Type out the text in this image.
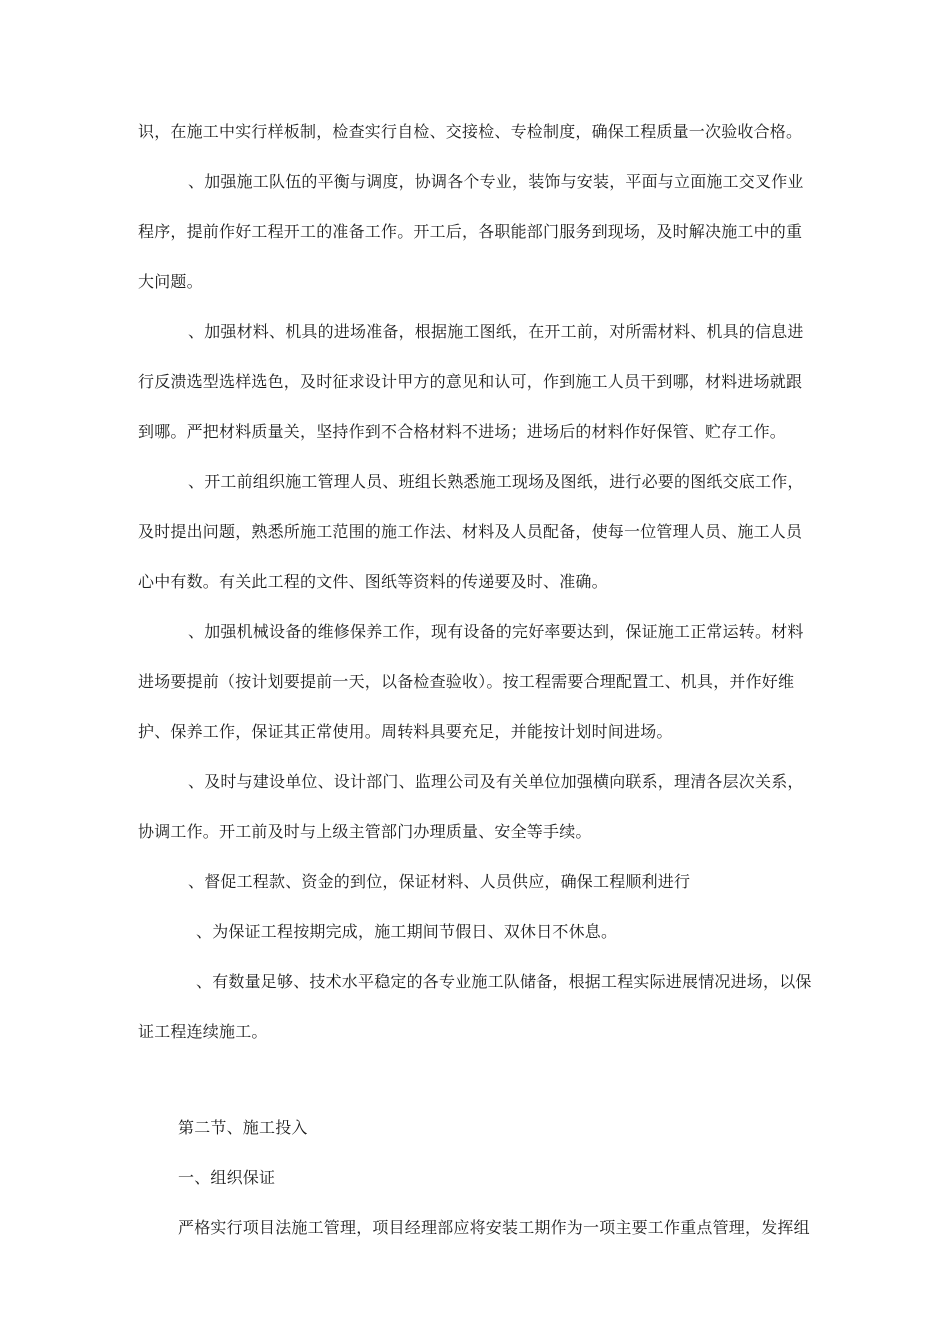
识，在施工中实行样板制，检查实行自检、交接检、专检制度，确保工程质量一次验收合格。
、加强施工队伍的平衡与调度，协调各个专业，装饰与安装，平面与立面施工交叉作业
程序，提前作好工程开工的准备工作。开工后，各职能部门服务到现场，及时解决施工中的重
大问题。
、加强材料、机具的进场准备，根据施工图纸，在开工前，对所需材料、机具的信息进
行反溃选型选样选色，及时征求设计甲方的意见和认可，作到施工人员干到哪，材料进场就跟
到哪。严把材料质量关，坚持作到不合格材料不进场；进场后的材料作好保管、贮存工作。
、开工前组织施工管理人员、班组长熟悉施工现场及图纸，进行必要的图纸交底工作，
及时提出问题，熟悉所施工范围的施工作法、材料及人员配备，使每一位管理人员、施工人员
心中有数。有关此工程的文件、图纸等资料的传递要及时、准确。
、加强机械设备的维修保养工作，现有设备的完好率要达到，保证施工正常运转。材料
进场要提前（按计划要提前一天，以备检查验收）。按工程需要合理配置工、机具，并作好维
护、保养工作，保证其正常使用。周转料具要充足，并能按计划时间进场。
、及时与建设单位、设计部门、监理公司及有关单位加强横向联系，理清各层次关系，
协调工作。开工前及时与上级主管部门办理质量、安全等手续。
、督促工程款、资金的到位，保证材料、人员供应，确保工程顺利进行
、为保证工程按期完成，施工期间节假日、双休日不休息。
、有数量足够、技术水平稳定的各专业施工队储备，根据工程实际进展情况进场，以保
证工程连续施工。
第二节、施工投入
一、组织保证
严格实行项目法施工管理，项目经理部应将安装工期作为一项主要工作重点管理，发挥组
